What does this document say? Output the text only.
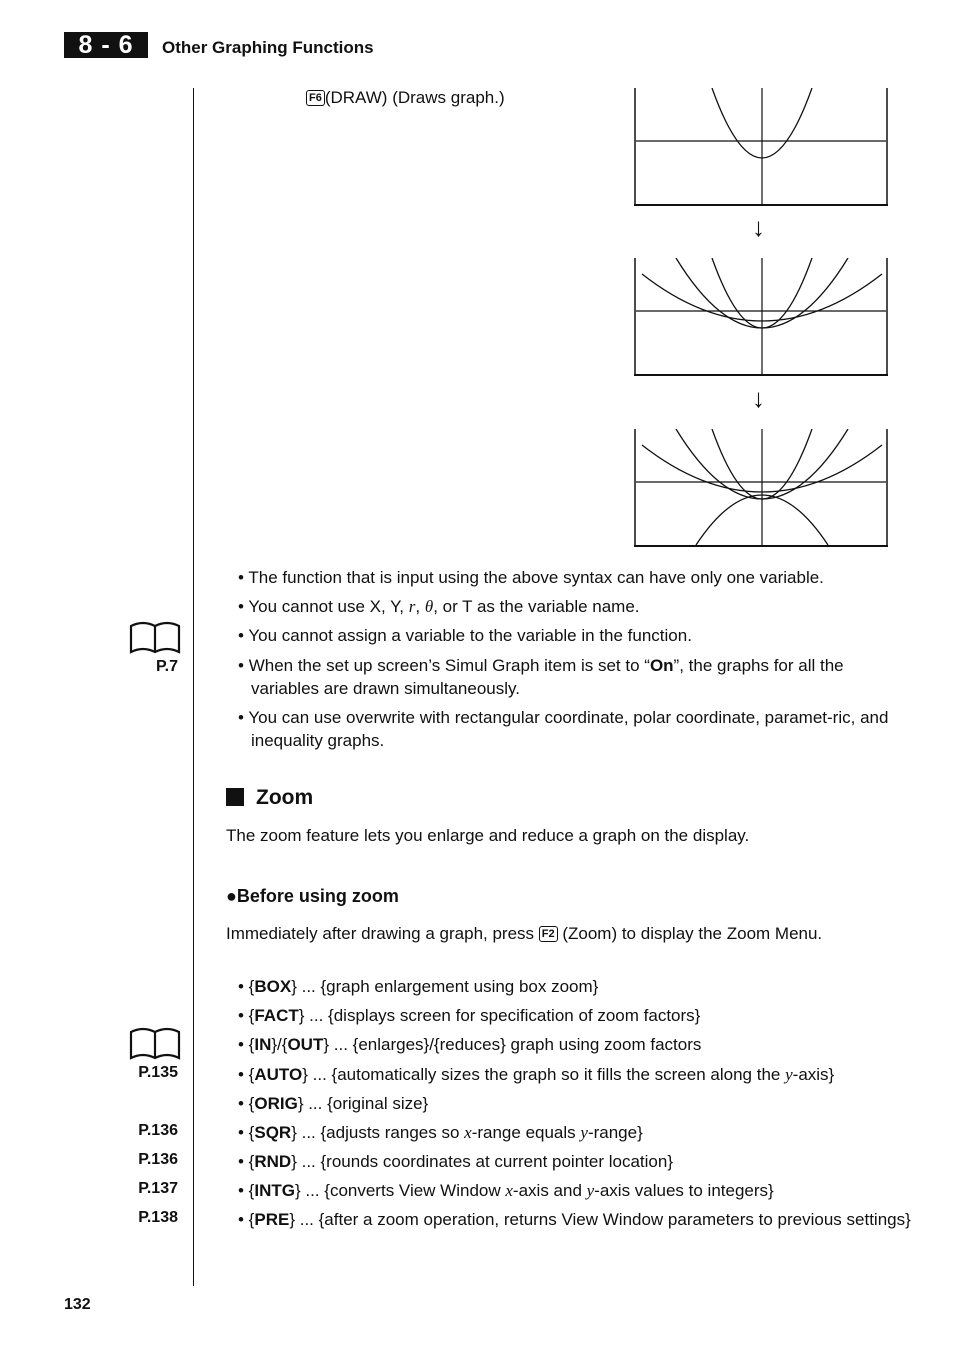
8 - 6	Other Graphing Functions
F6 (DRAW) (Draws graph.)
↓
↓
• The function that is input using the above syntax can have only one variable.
• You cannot use X, Y, r, θ, or T as the variable name.
• You cannot assign a variable to the variable in the function.
• When the set up screen’s Simul Graph item is set to “On”, the graphs for all the variables are drawn simultaneously.
• You can use overwrite with rectangular coordinate, polar coordinate, paramet-ric, and inequality graphs.
P.7
Zoom
The zoom feature lets you enlarge and reduce a graph on the display.
●Before using zoom
Immediately after drawing a graph, press F2 (Zoom) to display the Zoom Menu.
• {BOX} ... {graph enlargement using box zoom}
• {FACT} ... {displays screen for specification of zoom factors}
• {IN}/{OUT} ... {enlarges}/{reduces} graph using zoom factors
• {AUTO} ... {automatically sizes the graph so it fills the screen along the y-axis}
• {ORIG} ... {original size}
• {SQR} ... {adjusts ranges so x-range equals y-range}
• {RND} ... {rounds coordinates at current pointer location}
• {INTG} ... {converts View Window x-axis and y-axis values to integers}
• {PRE} ... {after a zoom operation, returns View Window parameters to previous settings}
P.135
P.136
P.136
P.137
P.138
132
